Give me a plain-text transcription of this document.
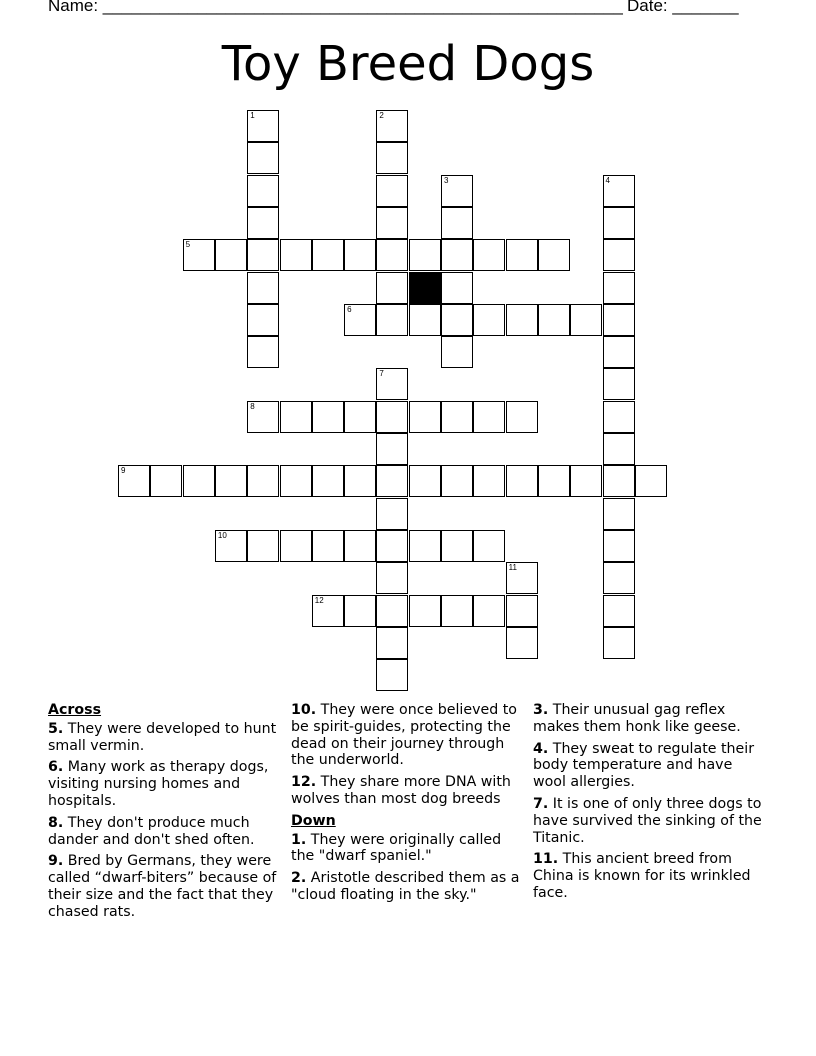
Name: _______________________________________________________ Date: _______
Toy Breed Dogs
1	2
3	4
5
6
7
8
9
10
11
12
Across
5. They were developed to hunt small vermin.
6. Many work as therapy dogs, visiting nursing homes and hospitals.
8. They don't produce much dander and don't shed often.
9. Bred by Germans, they were called “dwarf-biters” because of their size and the fact that they chased rats.
10. They were once believed to be spirit-guides, protecting the dead on their journey through the underworld.
12. They share more DNA with wolves than most dog breeds
Down
1. They were originally called the "dwarf spaniel."
2. Aristotle described them as a "cloud floating in the sky."
3. Their unusual gag reflex makes them honk like geese.
4. They sweat to regulate their body temperature and have wool allergies.
7. It is one of only three dogs to have survived the sinking of the Titanic.
11. This ancient breed from China is known for its wrinkled face.
